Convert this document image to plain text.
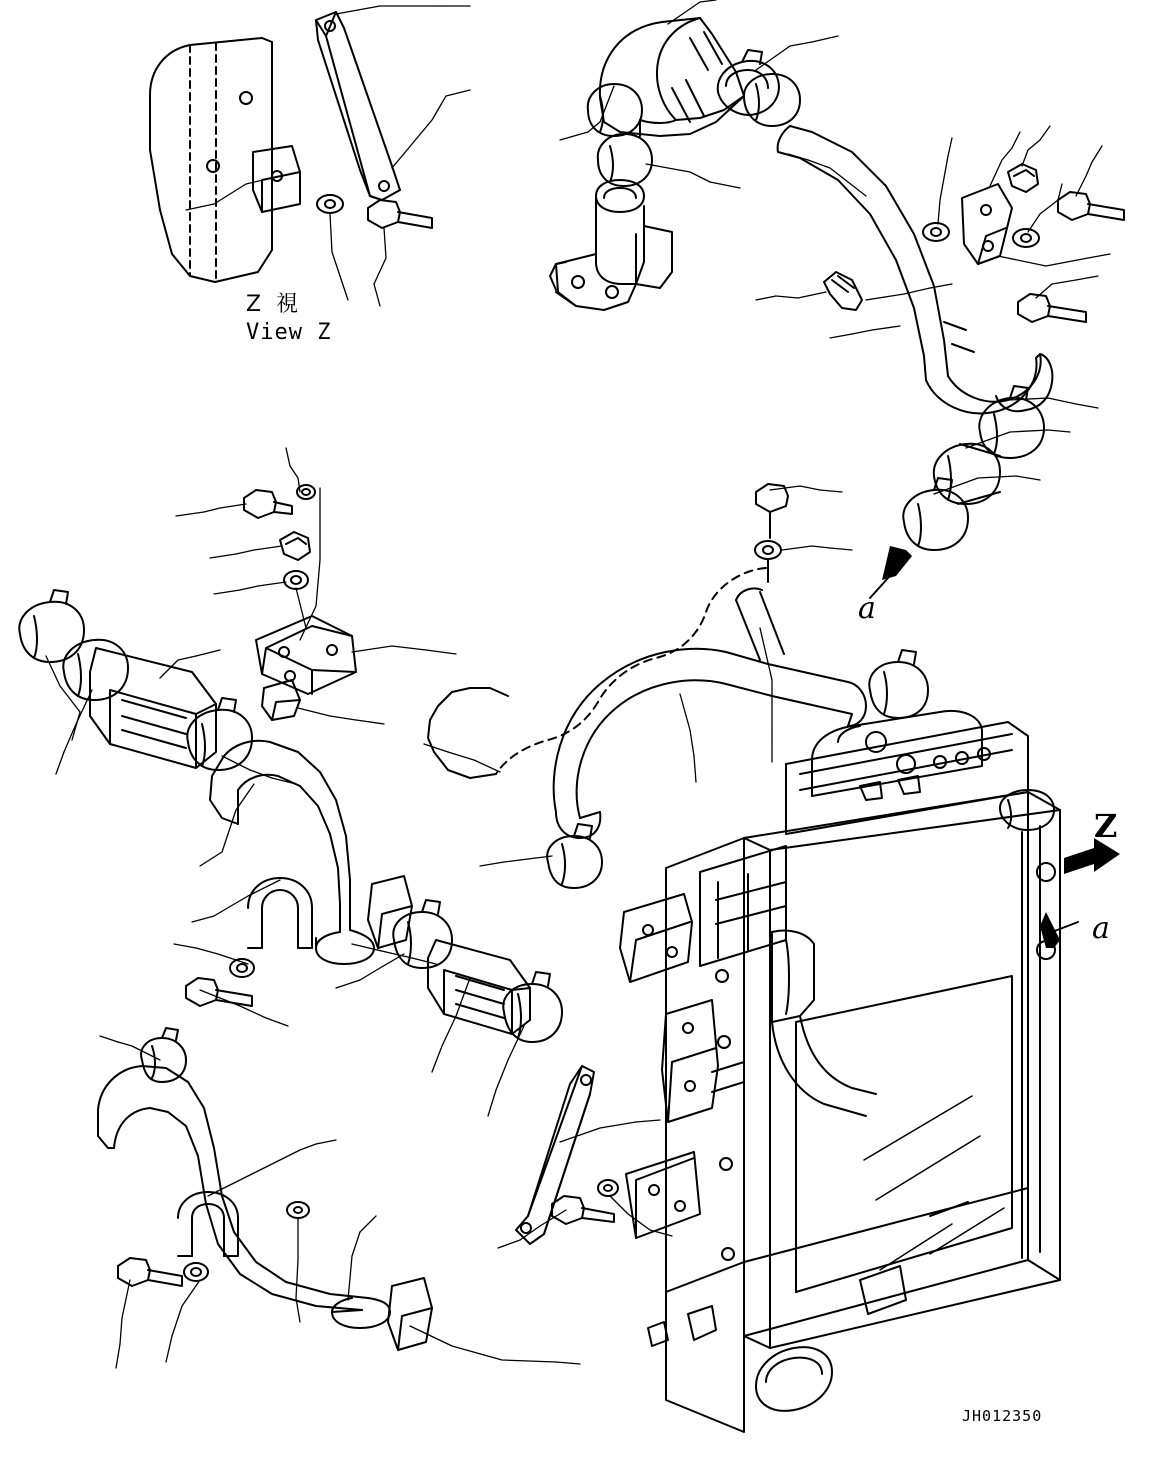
Z 視
View Z
a
a
Z
JH012350
